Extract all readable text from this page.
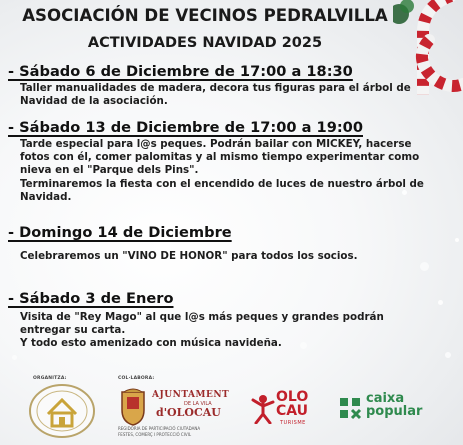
ASOCIACIÓN DE VECINOS PEDRALVILLA
ACTIVIDADES NAVIDAD 2025
- Sábado 6 de Diciembre de 17:00 a 18:30

Taller manualidades de madera, decora tus figuras para el árbol de

Navidad de la asociación.

- Sábado 13 de Diciembre de 17:00 a 19:00

Tarde especial para l@s peques. Podrán bailar con MICKEY, hacerse

fotos con él, comer palomitas y al mismo tiempo experimentar como

nieva en el "Parque dels Pins".

Terminaremos la fiesta con el encendido de luces de nuestro árbol de

Navidad.

- Domingo 14 de Diciembre

Celebraremos un "VINO DE HONOR" para todos los socios.

- Sábado 3 de Enero

Visita de "Rey Mago" al que l@s más peques y grandes podrán

entregar su carta.

Y todo esto amenizado con música navideña.

ORGANITZA:	COL·LABORA:
AJUNTAMENT
DE LA VILA
d'OLOCAU
REGIDORIA DE PARTICIPACIÓ CIUTADANA
FESTES, COMERÇ I PROTECCIÓ CIVIL
OLO
CAU
TURISME
caixa
popular
